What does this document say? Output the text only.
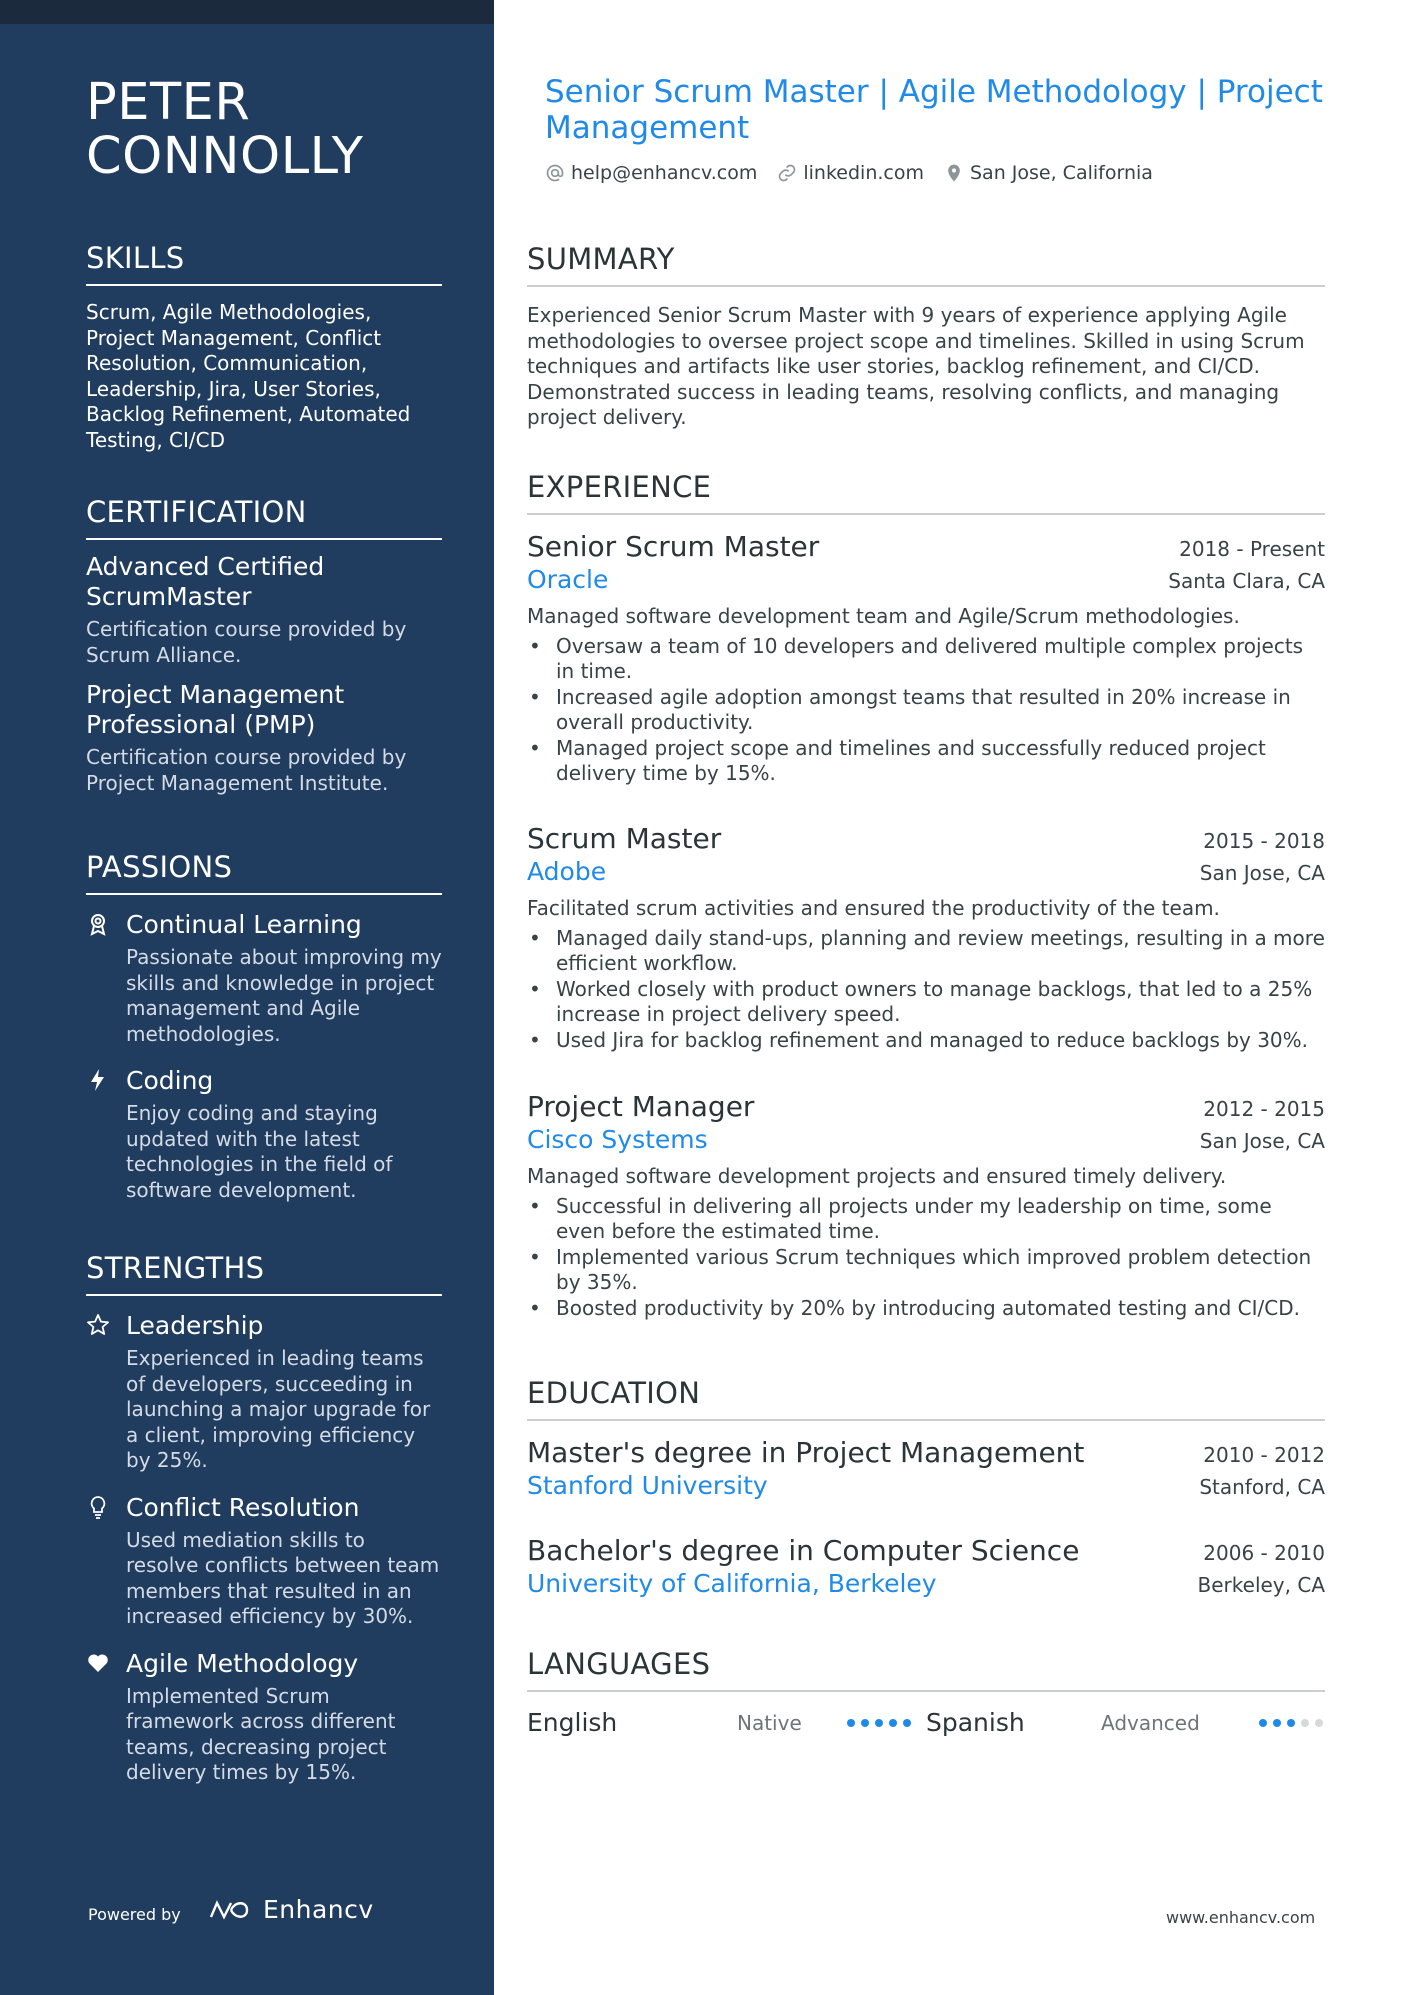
PETER CONNOLLY
SKILLS
Scrum, Agile Methodologies, Project Management, Conflict Resolution, Communication, Leadership, Jira, User Stories, Backlog Refinement, Automated Testing, CI/CD
CERTIFICATION
Advanced Certified ScrumMaster
Certification course provided by Scrum Alliance.
Project Management Professional (PMP)
Certification course provided by Project Management Institute.
PASSIONS
Continual Learning
Passionate about improving my skills and knowledge in project management and Agile methodologies.
Coding
Enjoy coding and staying updated with the latest technologies in the field of software development.
STRENGTHS
Leadership
Experienced in leading teams of developers, succeeding in launching a major upgrade for a client, improving efficiency by 25%.
Conflict Resolution
Used mediation skills to resolve conflicts between team members that resulted in an increased efficiency by 30%.
Agile Methodology
Implemented Scrum framework across different teams, decreasing project delivery times by 15%.
Powered by	Enhancv
Senior Scrum Master | Agile Methodology | Project Management
help@enhancv.com linkedin.com San Jose, California
SUMMARY
Experienced Senior Scrum Master with 9 years of experience applying Agile methodologies to oversee project scope and timelines. Skilled in using Scrum techniques and artifacts like user stories, backlog refinement, and CI/CD. Demonstrated success in leading teams, resolving conflicts, and managing project delivery.
EXPERIENCE
Senior Scrum Master	2018 - Present
Oracle	Santa Clara, CA
Managed software development team and Agile/Scrum methodologies.
• Oversaw a team of 10 developers and delivered multiple complex projects in time.
• Increased agile adoption amongst teams that resulted in 20% increase in overall productivity.
• Managed project scope and timelines and successfully reduced project delivery time by 15%.
Scrum Master	2015 - 2018
Adobe	San Jose, CA
Facilitated scrum activities and ensured the productivity of the team.
• Managed daily stand-ups, planning and review meetings, resulting in a more efficient workflow.
• Worked closely with product owners to manage backlogs, that led to a 25% increase in project delivery speed.
• Used Jira for backlog refinement and managed to reduce backlogs by 30%.
Project Manager	2012 - 2015
Cisco Systems	San Jose, CA
Managed software development projects and ensured timely delivery.
• Successful in delivering all projects under my leadership on time, some even before the estimated time.
• Implemented various Scrum techniques which improved problem detection by 35%.
• Boosted productivity by 20% by introducing automated testing and CI/CD.
EDUCATION
Master's degree in Project Management	2010 - 2012
Stanford University	Stanford, CA
Bachelor's degree in Computer Science	2006 - 2010
University of California, Berkeley	Berkeley, CA
LANGUAGES
English	Native	Spanish	Advanced
www.enhancv.com
